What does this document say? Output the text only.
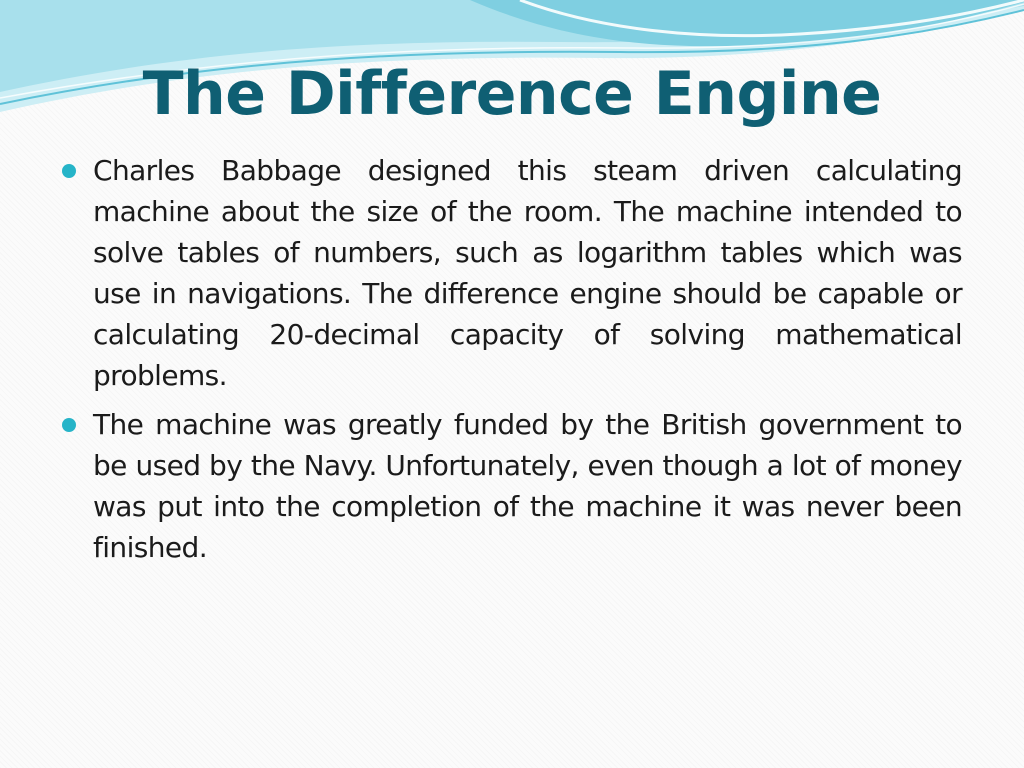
The Difference Engine
Charles Babbage designed this steam driven calculating machine about the size of the room. The machine intended to solve tables of numbers, such as logarithm tables which was use in navigations. The difference engine should be capable or calculating 20-decimal capacity of solving mathematical problems.
The machine was greatly funded by the British government to be used by the Navy. Unfortunately, even though a lot of money was put into the completion of the machine it was never been finished.
